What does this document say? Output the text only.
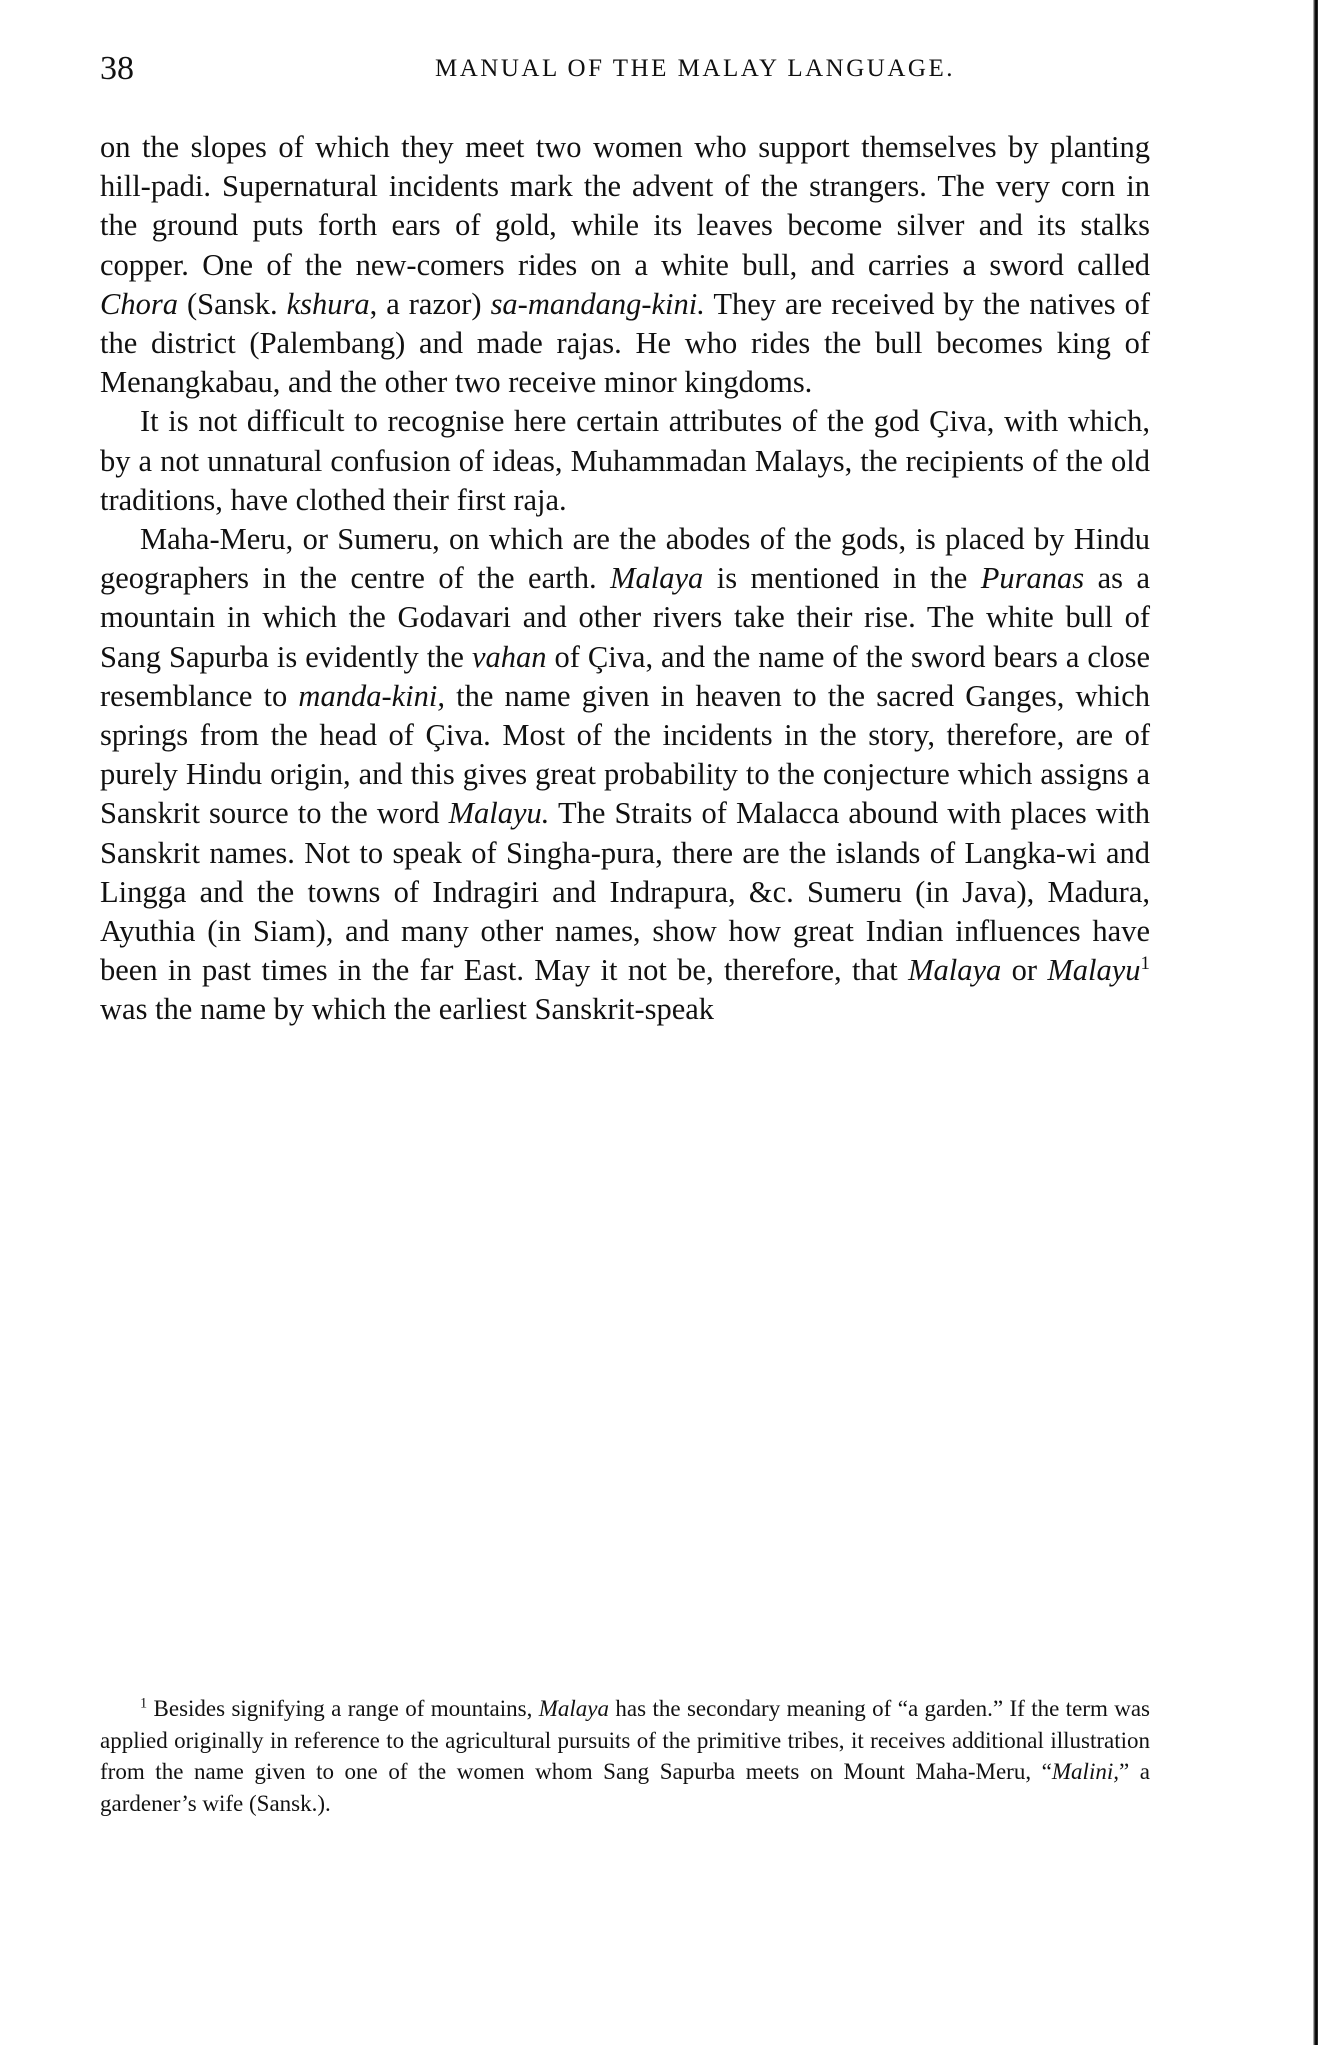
38	MANUAL OF THE MALAY LANGUAGE.

on the slopes of which they meet two women who support themselves by planting hill-padi. Supernatural incidents mark the advent of the strangers. The very corn in the ground puts forth ears of gold, while its leaves become silver and its stalks copper. One of the new-comers rides on a white bull, and carries a sword called Chora (Sansk. kshura, a razor) sa-mandang-kini. They are received by the natives of the district (Palembang) and made rajas. He who rides the bull becomes king of Menangkabau, and the other two receive minor kingdoms.

It is not difficult to recognise here certain attributes of the god Çiva, with which, by a not unnatural confusion of ideas, Muhammadan Malays, the recipients of the old traditions, have clothed their first raja.

Maha-Meru, or Sumeru, on which are the abodes of the gods, is placed by Hindu geographers in the centre of the earth. Malaya is mentioned in the Puranas as a mountain in which the Godavari and other rivers take their rise. The white bull of Sang Sapurba is evidently the vahan of Çiva, and the name of the sword bears a close resemblance to manda-kini, the name given in heaven to the sacred Ganges, which springs from the head of Çiva. Most of the incidents in the story, therefore, are of purely Hindu origin, and this gives great probability to the conjecture which assigns a Sanskrit source to the word Malayu. The Straits of Malacca abound with places with Sanskrit names. Not to speak of Singha-pura, there are the islands of Langka-wi and Lingga and the towns of Indragiri and Indrapura, &c. Sumeru (in Java), Madura, Ayuthia (in Siam), and many other names, show how great Indian influences have been in past times in the far East. May it not be, therefore, that Malaya or Malayu$^1$ was the name by which the earliest Sanskrit-speak

$^1$ Besides signifying a range of mountains, Malaya has the secondary meaning of “a garden.” If the term was applied originally in reference to the agricultural pursuits of the primitive tribes, it receives additional illustration from the name given to one of the women whom Sang Sapurba meets on Mount Maha-Meru, “Malini,” a gardener’s wife (Sansk.).
